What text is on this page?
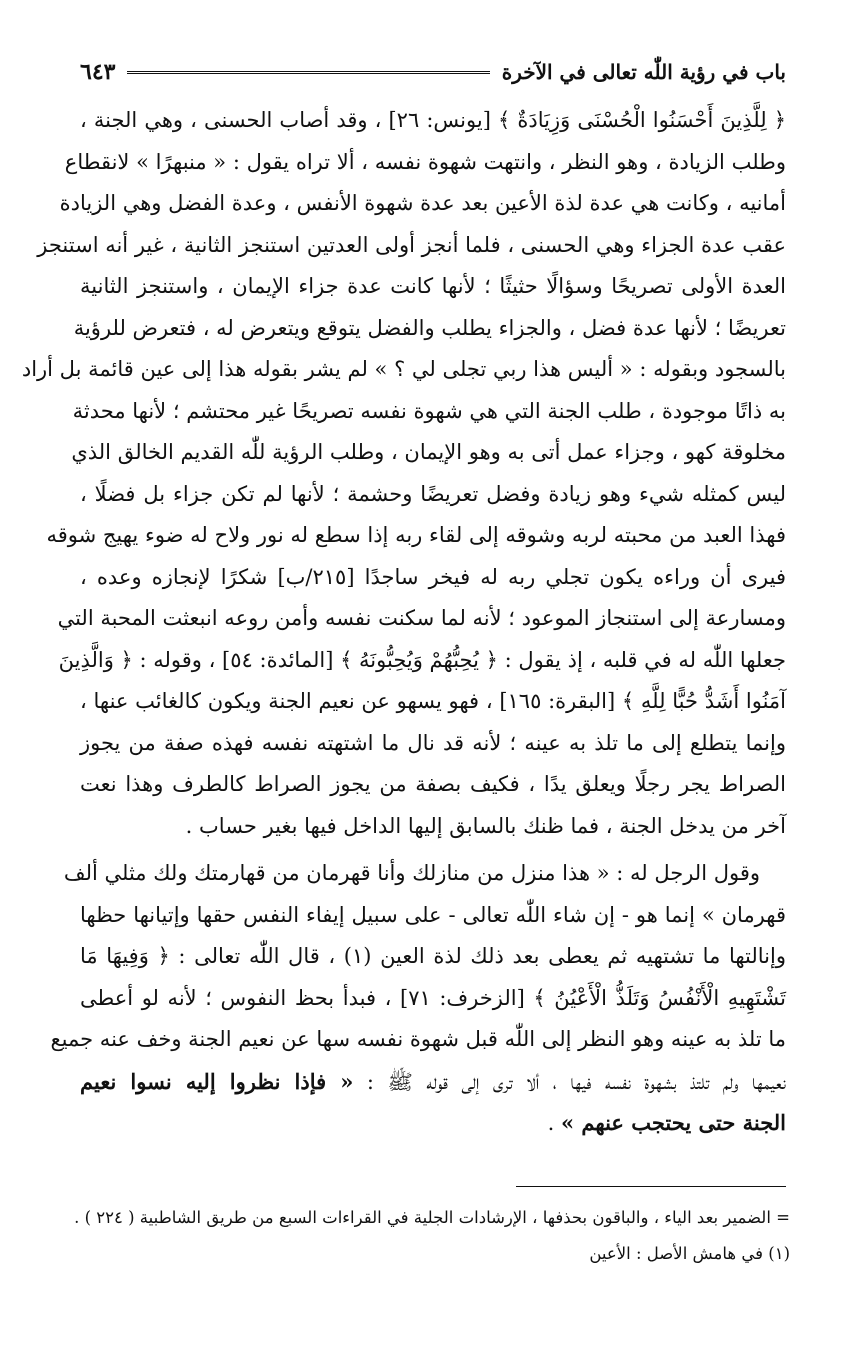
باب في رؤية اللّٰه تعالى في الآخرة
٦٤٣
﴿ لِلَّذِينَ أَحْسَنُوا الْحُسْنَى وَزِيَادَةٌ ﴾ [يونس: ٢٦] ، وقد أصاب الحسنى ، وهي الجنة ،
وطلب الزيادة ، وهو النظر ، وانتهت شهوة نفسه ، ألا تراه يقول : « منبهرًا » لانقطاع
أمانيه ، وكانت هي عدة لذة الأعين بعد عدة شهوة الأنفس ، وعدة الفضل وهي الزيادة
عقب عدة الجزاء وهي الحسنى ، فلما أنجز أولى العدتين استنجز الثانية ، غير أنه استنجز
العدة الأولى تصريحًا وسؤالًا حثيثًا ؛ لأنها كانت عدة جزاء الإيمان ، واستنجز الثانية
تعريضًا ؛ لأنها عدة فضل ، والجزاء يطلب والفضل يتوقع ويتعرض له ، فتعرض للرؤية
بالسجود وبقوله : « أليس هذا ربي تجلى لي ؟ » لم يشر بقوله هذا إلى عين قائمة بل أراد
به ذاتًا موجودة ، طلب الجنة التي هي شهوة نفسه تصريحًا غير محتشم ؛ لأنها محدثة
مخلوقة كهو ، وجزاء عمل أتى به وهو الإيمان ، وطلب الرؤية للّٰه القديم الخالق الذي
ليس كمثله شيء وهو زيادة وفضل تعريضًا وحشمة ؛ لأنها لم تكن جزاء بل فضلًا ،
فهذا العبد من محبته لربه وشوقه إلى لقاء ربه إذا سطع له نور ولاح له ضوء يهيج شوقه
فيرى أن وراءه يكون تجلي ربه له فيخر ساجدًا [٢١٥/ب] شكرًا لإنجازه وعده ،
ومسارعة إلى استنجاز الموعود ؛ لأنه لما سكنت نفسه وأمن روعه انبعثت المحبة التي
جعلها اللّٰه له في قلبه ، إذ يقول : ﴿ يُحِبُّهُمْ وَيُحِبُّونَهُ ﴾ [المائدة: ٥٤] ، وقوله : ﴿ وَالَّذِينَ
آمَنُوا أَشَدُّ حُبًّا لِلَّهِ ﴾ [البقرة: ١٦٥] ، فهو يسهو عن نعيم الجنة ويكون كالغائب عنها ،
وإنما يتطلع إلى ما تلذ به عينه ؛ لأنه قد نال ما اشتهته نفسه فهذه صفة من يجوز
الصراط يجر رجلًا ويعلق يدًا ، فكيف بصفة من يجوز الصراط كالطرف وهذا نعت
آخر من يدخل الجنة ، فما ظنك بالسابق إليها الداخل فيها بغير حساب .
وقول الرجل له : « هذا منزل من منازلك وأنا قهرمان من قهارمتك ولك مثلي ألف
قهرمان » إنما هو - إن شاء اللّٰه تعالى - على سبيل إيفاء النفس حقها وإتيانها حظها
وإنالتها ما تشتهيه ثم يعطى بعد ذلك لذة العين (١) ، قال اللّٰه تعالى : ﴿ وَفِيهَا مَا
تَشْتَهِيهِ الْأَنْفُسُ وَتَلَذُّ الْأَعْيُنُ ﴾ [الزخرف: ٧١] ، فبدأ بحظ النفوس ؛ لأنه لو أعطى
ما تلذ به عينه وهو النظر إلى اللّٰه قبل شهوة نفسه سها عن نعيم الجنة وخف عنه جميع
نعيمها ولم تلتذ بشهوة نفسه فيها ، ألا ترى إلى قوله ﷺ : « فإذا نظروا إليه نسوا نعيم
الجنة حتى يحتجب عنهم » .
= الضمير بعد الياء ، والباقون بحذفها ، الإرشادات الجلية في القراءات السبع من طريق الشاطبية ( ٢٢٤ ) .
(١) في هامش الأصل : الأعين
